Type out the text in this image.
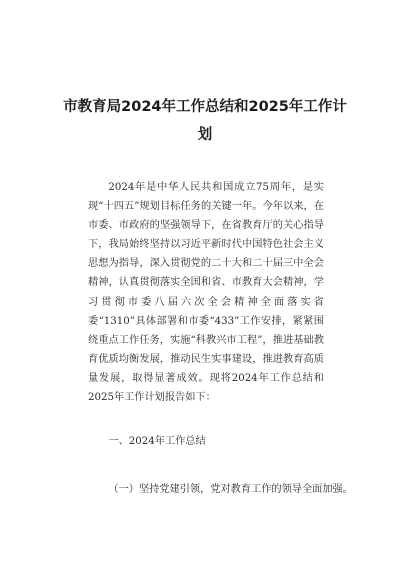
市教育局2024年工作总结和2025年工作计
划

2024年是中华人民共和国成立75周年，是实现“十四五”规划目标任务的关键一年。今年以来，在市委、市政府的坚强领导下，在省教育厅的关心指导下，我局始终坚持以习近平新时代中国特色社会主义思想为指导，深入贯彻党的二十大和二十届三中全会精神，认真贯彻落实全国和省、市教育大会精神，学习贯彻市委八届六次全会精神全面落实省委“1310”具体部署和市委“433”工作安排，紧紧围绕重点工作任务，实施“科教兴市工程”，推进基础教育优质均衡发展，推动民生实事建设，推进教育高质量发展，取得显著成效。现将2024年工作总结和2025年工作计划报告如下：

一、2024年工作总结

（一）坚持党建引领，党对教育工作的领导全面加强。
